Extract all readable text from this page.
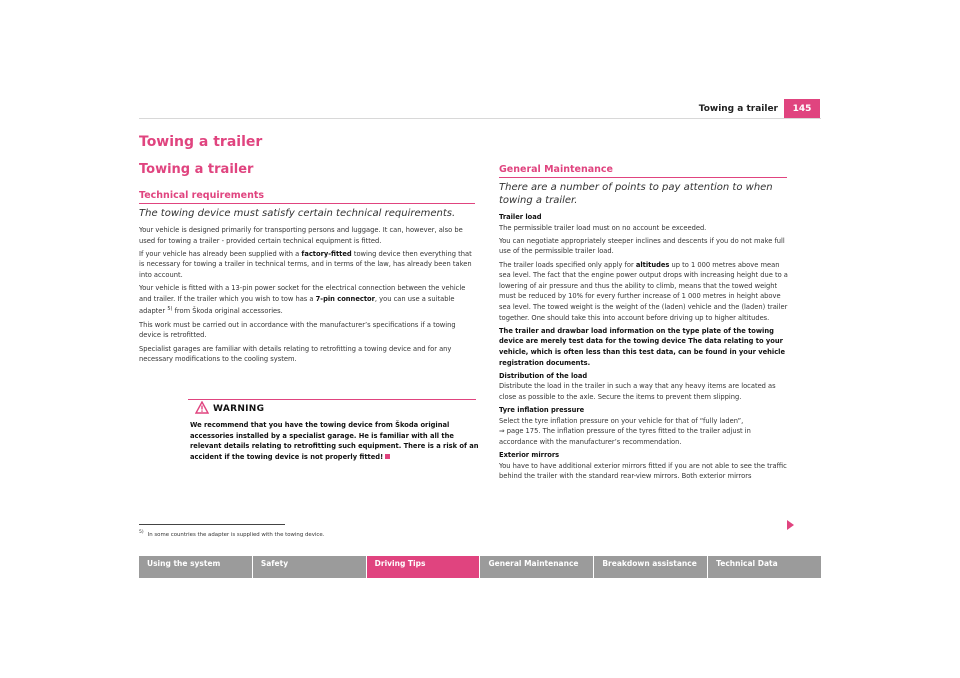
Towing a trailer	145
Towing a trailer
Towing a trailer
Technical requirements
The towing device must satisfy certain technical requirements.

Your vehicle is designed primarily for transporting persons and luggage. It can, however, also be used for towing a trailer - provided certain technical equipment is fitted.

If your vehicle has already been supplied with a factory-fitted towing device then everything that is necessary for towing a trailer in technical terms, and in terms of the law, has already been taken into account.

Your vehicle is fitted with a 13-pin power socket for the electrical connection between the vehicle and trailer. If the trailer which you wish to tow has a 7-pin connector, you can use a suitable adapter $^{5)}$ from Škoda original accessories.

This work must be carried out in accordance with the manufacturer’s specifications if a towing device is retrofitted.

Specialist garages are familiar with details relating to retrofitting a towing device and for any necessary modifications to the cooling system.

WARNING
We recommend that you have the towing device from Škoda original accessories installed by a specialist garage. He is familiar with all the relevant details relating to retrofitting such equipment. There is a risk of an accident if the towing device is not properly fitted!
$^{5)}$ In some countries the adapter is supplied with the towing device.
General Maintenance
There are a number of points to pay attention to when towing a trailer.

Trailer load

The permissible trailer load must on no account be exceeded.

You can negotiate appropriately steeper inclines and descents if you do not make full use of the permissible trailer load.

The trailer loads specified only apply for altitudes up to 1 000 metres above mean sea level. The fact that the engine power output drops with increasing height due to a lowering of air pressure and thus the ability to climb, means that the towed weight must be reduced by 10% for every further increase of 1 000 metres in height above sea level. The towed weight is the weight of the (laden) vehicle and the (laden) trailer together. One should take this into account before driving up to higher altitudes.

The trailer and drawbar load information on the type plate of the towing device are merely test data for the towing device The data relating to your vehicle, which is often less than this test data, can be found in your vehicle registration documents.

Distribution of the load

Distribute the load in the trailer in such a way that any heavy items are located as close as possible to the axle. Secure the items to prevent them slipping.

Tyre inflation pressure

Select the tyre inflation pressure on your vehicle for that of “fully laden”,

⇒ page 175. The inflation pressure of the tyres fitted to the trailer adjust in accordance with the manufacturer’s recommendation.

Exterior mirrors

You have to have additional exterior mirrors fitted if you are not able to see the traffic behind the trailer with the standard rear-view mirrors. Both exterior mirrors

Using the system	Safety	Driving Tips	General Maintenance	Breakdown assistance	Technical Data
